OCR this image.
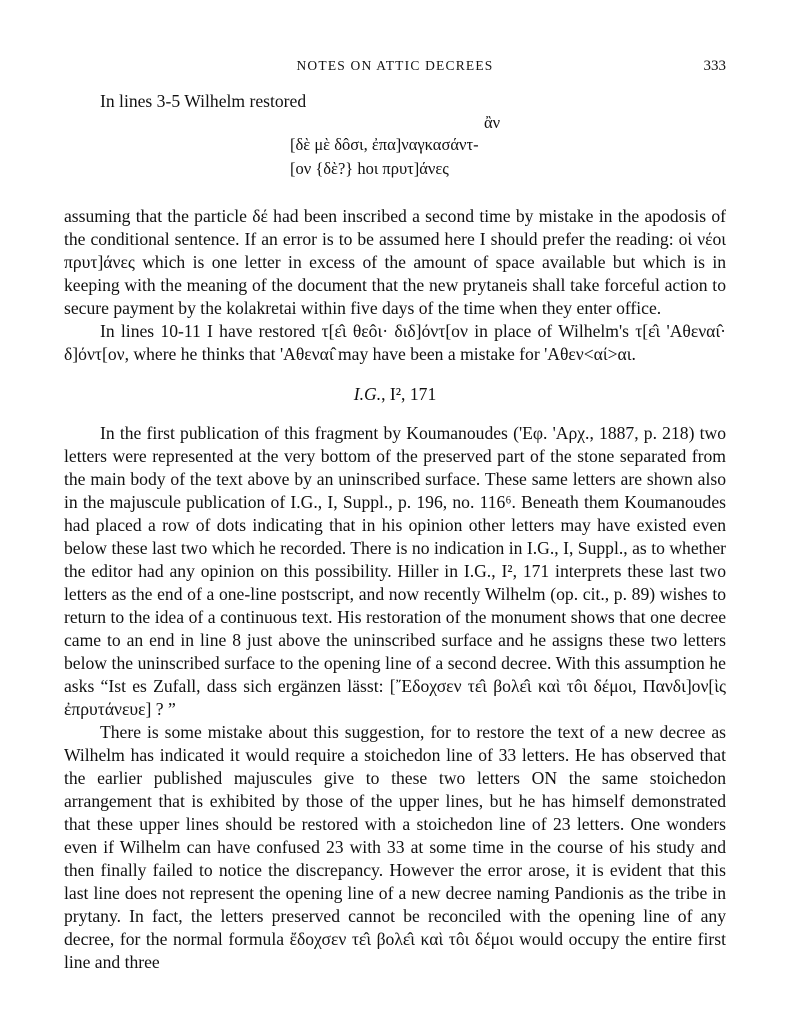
NOTES ON ATTIC DECREES	333

In lines 3-5 Wilhelm restored

ἂν
[δὲ μὲ δôσι, ἐπα]ναγκασάντ-
[ον {δὲ?} hoι πρυτ]άνες

assuming that the particle δέ had been inscribed a second time by mistake in the apodosis of the conditional sentence. If an error is to be assumed here I should prefer the reading: οἱ νέοι πρυτ]άνες which is one letter in excess of the amount of space available but which is in keeping with the meaning of the document that the new prytaneis shall take forceful action to secure payment by the kolakretai within five days of the time when they enter office.

In lines 10-11 I have restored τ[ε̂ι θεôι· διδ]όντ[ον in place of Wilhelm's τ[ε̂ι 'Αθεναι̂· δ]όντ[ον, where he thinks that 'Αθεναι̂ may have been a mistake for 'Αθεν<αί>αι.

I.G., I², 171

In the first publication of this fragment by Koumanoudes ('Εφ. 'Αρχ., 1887, p. 218) two letters were represented at the very bottom of the preserved part of the stone separated from the main body of the text above by an uninscribed surface. These same letters are shown also in the majuscule publication of I.G., I, Suppl., p. 196, no. 116⁶. Beneath them Koumanoudes had placed a row of dots indicating that in his opinion other letters may have existed even below these last two which he recorded. There is no indication in I.G., I, Suppl., as to whether the editor had any opinion on this possibility. Hiller in I.G., I², 171 interprets these last two letters as the end of a one-line postscript, and now recently Wilhelm (op. cit., p. 89) wishes to return to the idea of a continuous text. His restoration of the monument shows that one decree came to an end in line 8 just above the uninscribed surface and he assigns these two letters below the uninscribed surface to the opening line of a second decree. With this assumption he asks “Ist es Zufall, dass sich ergänzen lässt: [῎Εδοχσεν τε̂ι βολε̂ι καὶ τôι δέμοι, Πανδι]ον[ὶς ἐπρυτάνευε] ? ”

There is some mistake about this suggestion, for to restore the text of a new decree as Wilhelm has indicated it would require a stoichedon line of 33 letters. He has observed that the earlier published majuscules give to these two letters ON the same stoichedon arrangement that is exhibited by those of the upper lines, but he has himself demonstrated that these upper lines should be restored with a stoichedon line of 23 letters. One wonders even if Wilhelm can have confused 23 with 33 at some time in the course of his study and then finally failed to notice the discrepancy. However the error arose, it is evident that this last line does not represent the opening line of a new decree naming Pandionis as the tribe in prytany. In fact, the letters preserved cannot be reconciled with the opening line of any decree, for the normal formula ἔδοχσεν τε̂ι βολε̂ι καὶ τôι δέμοι would occupy the entire first line and three
